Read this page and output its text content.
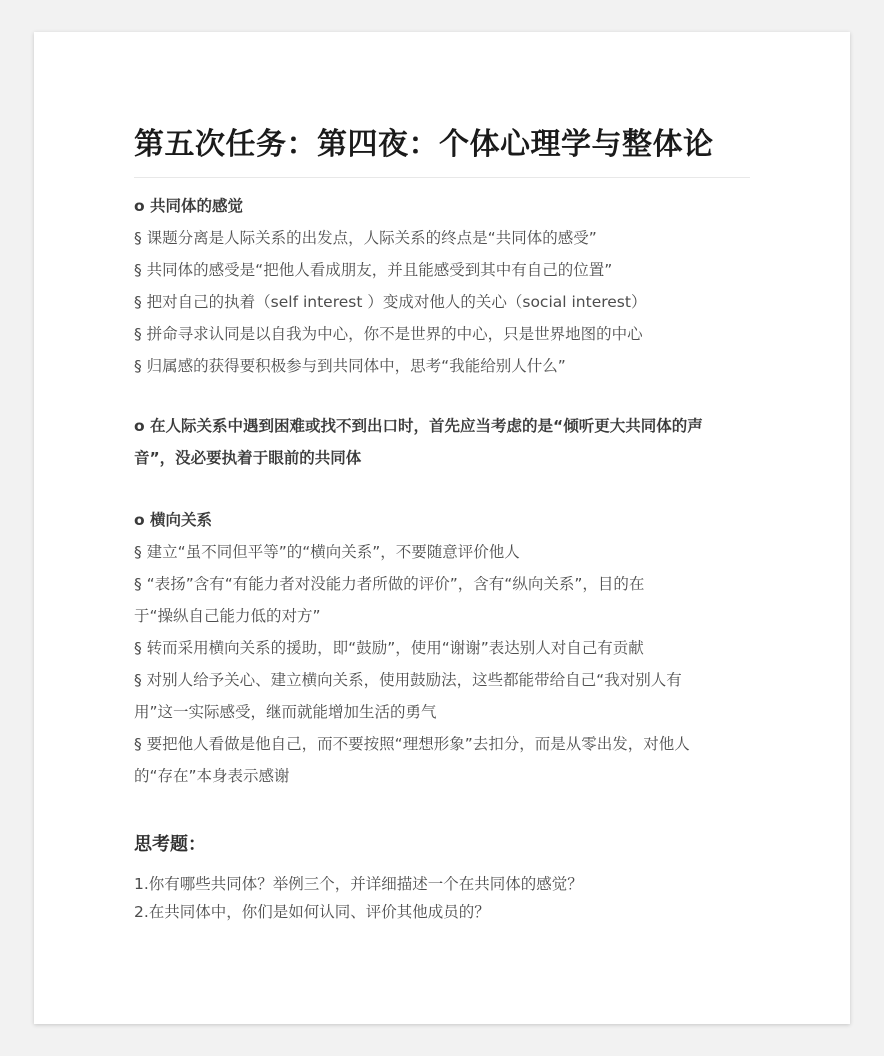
第五次任务：第四夜：个体心理学与整体论
o 共同体的感觉
§ 课题分离是人际关系的出发点，人际关系的终点是“共同体的感受”
§ 共同体的感受是“把他人看成朋友，并且能感受到其中有自己的位置”
§ 把对自己的执着（self interest ）变成对他人的关心（social interest）
§ 拼命寻求认同是以自我为中心，你不是世界的中心，只是世界地图的中心
§ 归属感的获得要积极参与到共同体中，思考“我能给别人什么”
o 在人际关系中遇到困难或找不到出口时，首先应当考虑的是“倾听更大共同体的声
音”，没必要执着于眼前的共同体
o 横向关系
§ 建立“虽不同但平等”的“横向关系”，不要随意评价他人
§ “表扬”含有“有能力者对没能力者所做的评价”，含有“纵向关系”，目的在
于“操纵自己能力低的对方”
§ 转而采用横向关系的援助，即“鼓励”，使用“谢谢”表达别人对自己有贡献
§ 对别人给予关心、建立横向关系，使用鼓励法，这些都能带给自己“我对别人有
用”这一实际感受，继而就能增加生活的勇气
§ 要把他人看做是他自己，而不要按照“理想形象”去扣分，而是从零出发，对他人
的“存在”本身表示感谢
思考题：
1.你有哪些共同体？举例三个，并详细描述一个在共同体的感觉？
2.在共同体中，你们是如何认同、评价其他成员的？
